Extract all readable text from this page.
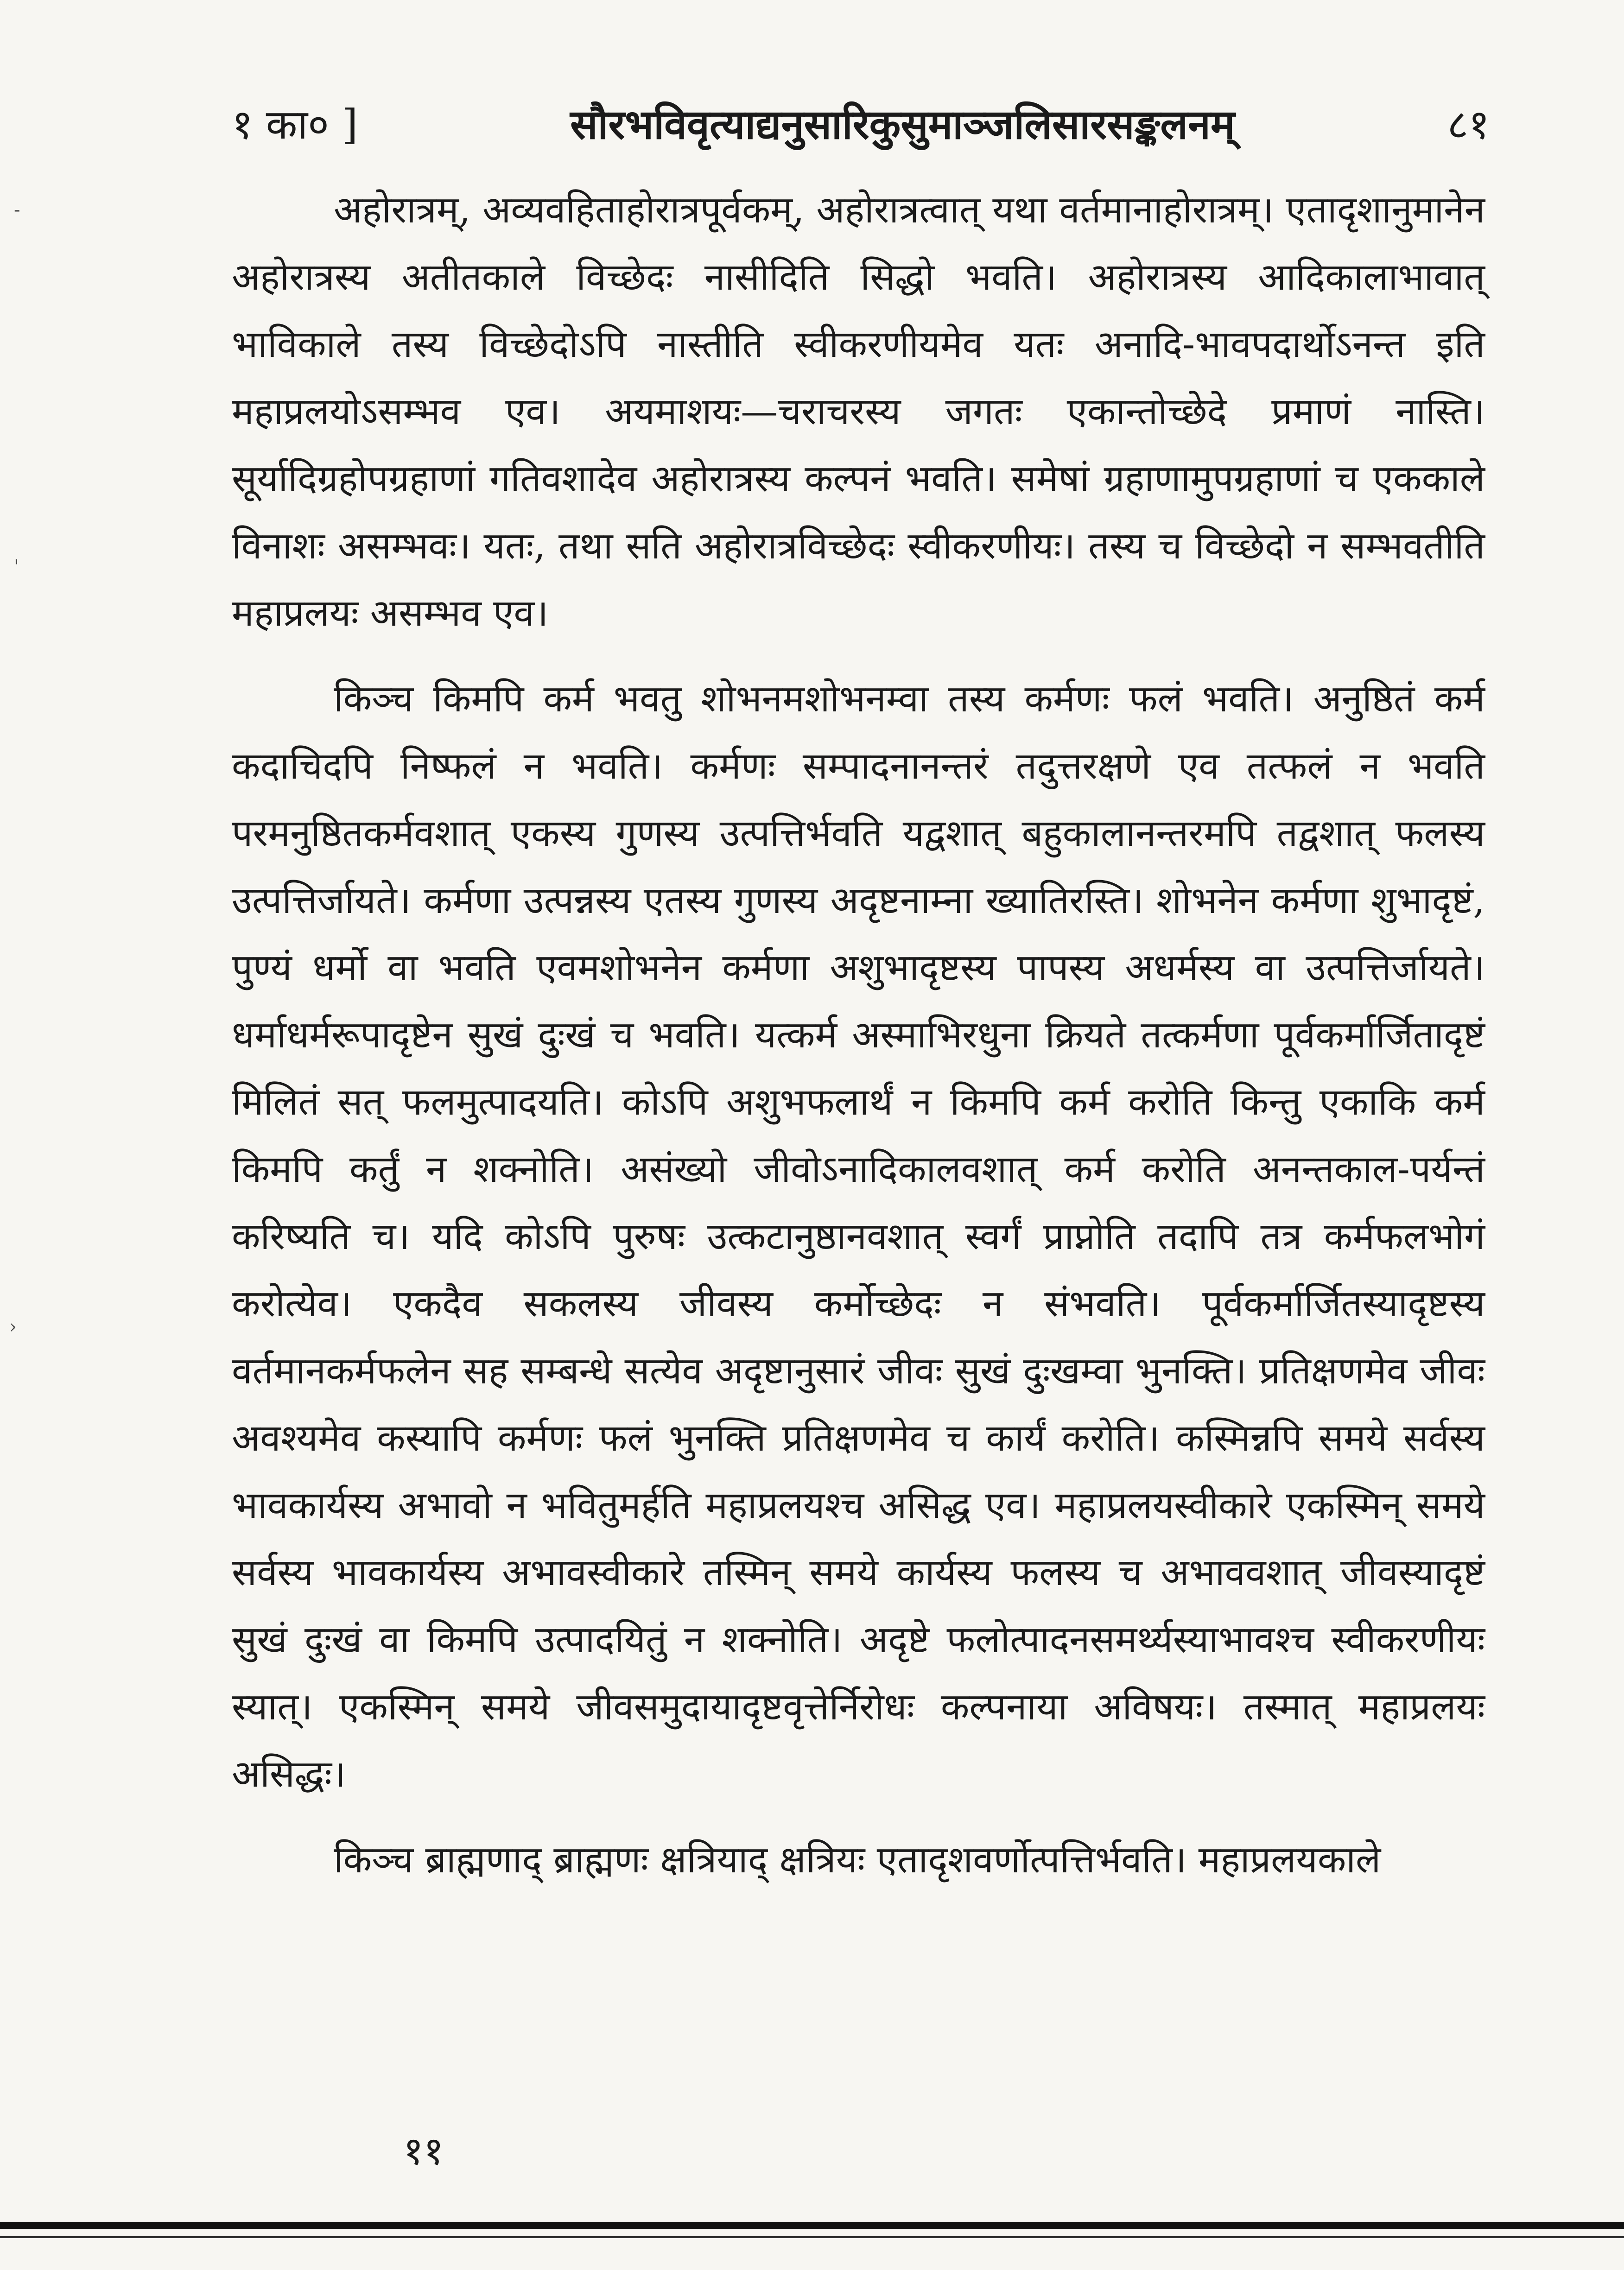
१ का० ]	सौरभविवृत्याद्यनुसारिकुसुमाञ्जलिसारसङ्कलनम्	८१

अहोरात्रम्, अव्यवहिताहोरात्रपूर्वकम्, अहोरात्रत्वात् यथा वर्तमानाहोरात्रम्। एतादृशानुमानेन अहोरात्रस्य अतीतकाले विच्छेदः नासीदिति सिद्धो भवति। अहोरात्रस्य आदिकालाभावात् भाविकाले तस्य विच्छेदोऽपि नास्तीति स्वीकरणीयमेव यतः अनादि-भावपदार्थोऽनन्त इति महाप्रलयोऽसम्भव एव। अयमाशयः—चराचरस्य जगतः एकान्तोच्छेदे प्रमाणं नास्ति। सूर्यादिग्रहोपग्रहाणां गतिवशादेव अहोरात्रस्य कल्पनं भवति। समेषां ग्रहाणामुपग्रहाणां च एककाले विनाशः असम्भवः। यतः, तथा सति अहोरात्रविच्छेदः स्वीकरणीयः। तस्य च विच्छेदो न सम्भवतीति महाप्रलयः असम्भव एव।

किञ्च किमपि कर्म भवतु शोभनमशोभनम्वा तस्य कर्मणः फलं भवति। अनुष्ठितं कर्म कदाचिदपि निष्फलं न भवति। कर्मणः सम्पादनानन्तरं तदुत्तरक्षणे एव तत्फलं न भवति परमनुष्ठितकर्मवशात् एकस्य गुणस्य उत्पत्तिर्भवति यद्वशात् बहुकालानन्तरमपि तद्वशात् फलस्य उत्पत्तिर्जायते। कर्मणा उत्पन्नस्य एतस्य गुणस्य अदृष्टनाम्ना ख्यातिरस्ति। शोभनेन कर्मणा शुभादृष्टं, पुण्यं धर्मो वा भवति एवमशोभनेन कर्मणा अशुभादृष्टस्य पापस्य अधर्मस्य वा उत्पत्तिर्जायते। धर्माधर्मरूपादृष्टेन सुखं दुःखं च भवति। यत्कर्म अस्माभिरधुना क्रियते तत्कर्मणा पूर्वकर्मार्जितादृष्टं मिलितं सत् फलमुत्पादयति। कोऽपि अशुभफलार्थं न किमपि कर्म करोति किन्तु एकाकि कर्म किमपि कर्तुं न शक्नोति। असंख्यो जीवोऽनादिकालवशात् कर्म करोति अनन्तकाल-पर्यन्तं करिष्यति च। यदि कोऽपि पुरुषः उत्कटानुष्ठानवशात् स्वर्गं प्राप्नोति तदापि तत्र कर्मफलभोगं करोत्येव। एकदैव सकलस्य जीवस्य कर्मोच्छेदः न संभवति। पूर्वकर्मार्जितस्यादृष्टस्य वर्तमानकर्मफलेन सह सम्बन्धे सत्येव अदृष्टानुसारं जीवः सुखं दुःखम्वा भुनक्ति। प्रतिक्षणमेव जीवः अवश्यमेव कस्यापि कर्मणः फलं भुनक्ति प्रतिक्षणमेव च कार्यं करोति। कस्मिन्नपि समये सर्वस्य भावकार्यस्य अभावो न भवितुमर्हति महाप्रलयश्च असिद्ध एव। महाप्रलयस्वीकारे एकस्मिन् समये सर्वस्य भावकार्यस्य अभावस्वीकारे तस्मिन् समये कार्यस्य फलस्य च अभाववशात् जीवस्यादृष्टं सुखं दुःखं वा किमपि उत्पादयितुं न शक्नोति। अदृष्टे फलोत्पादनसमर्थ्यस्याभावश्च स्वीकरणीयः स्यात्। एकस्मिन् समये जीवसमुदायादृष्टवृत्तेर्निरोधः कल्पनाया अविषयः। तस्मात् महाप्रलयः असिद्धः।

किञ्च ब्राह्मणाद् ब्राह्मणः क्षत्रियाद् क्षत्रियः एतादृशवर्णोत्पत्तिर्भवति। महाप्रलयकाले

११
-
'
›
